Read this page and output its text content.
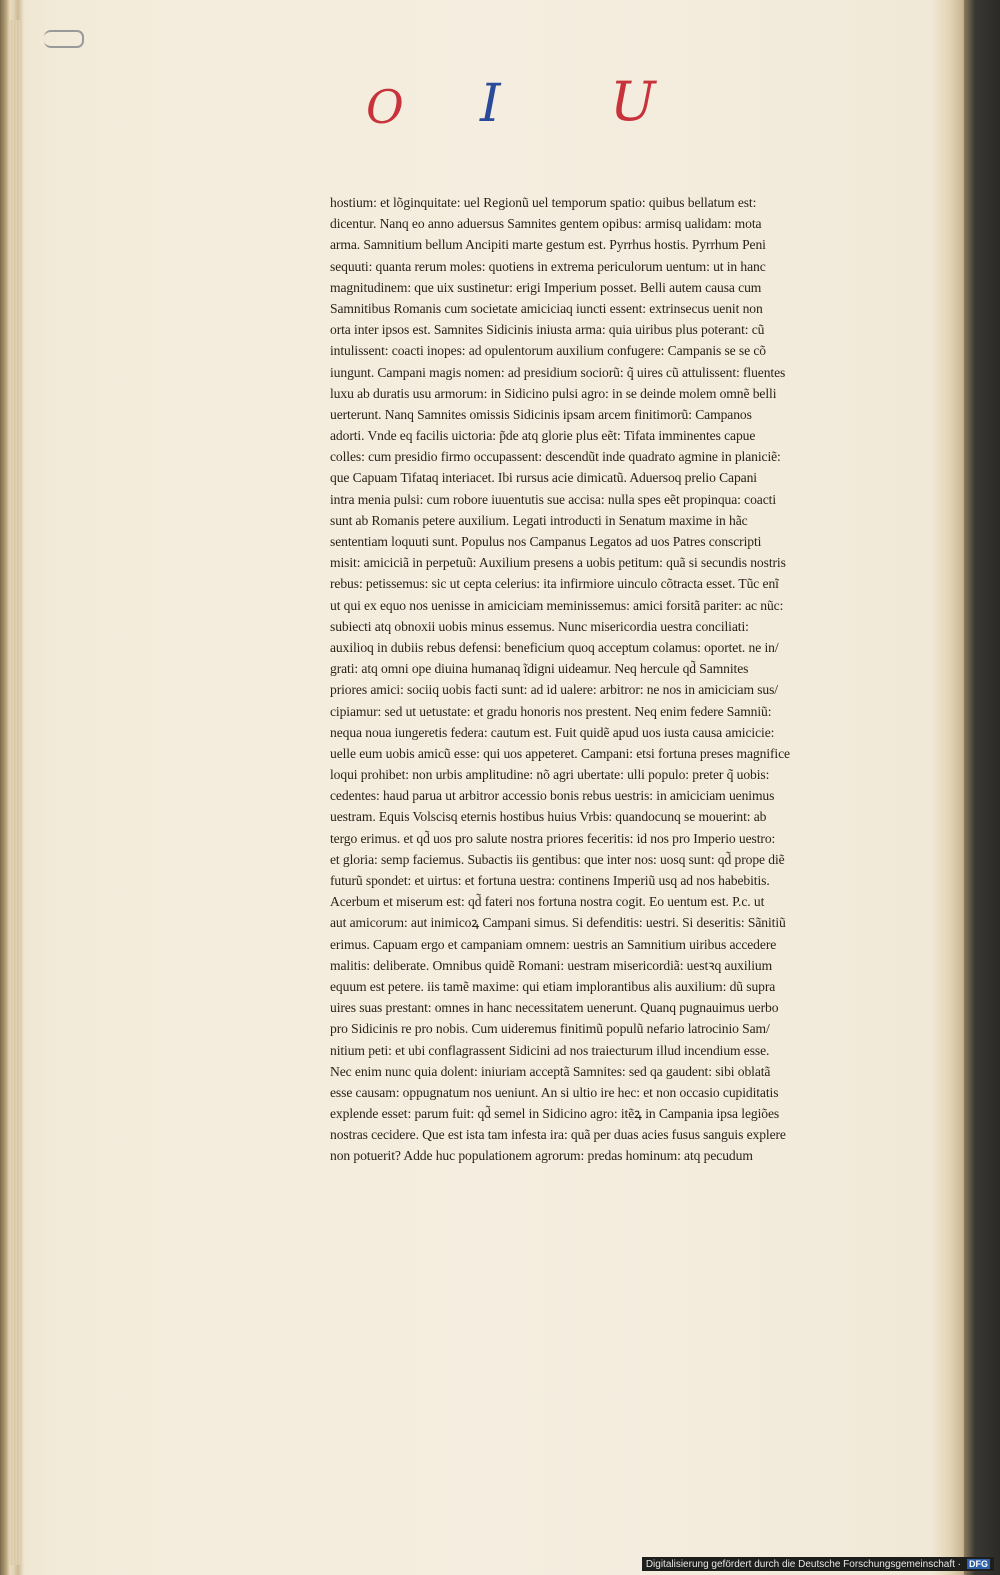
O I U
hostium: et lõginquitate: uel Regionũ uel temporum spatio: quibus bellatum est:
dicentur. Nanq eo anno aduersus Samnites gentem opibus: armisq ualidam: mota
arma. Samnitium bellum Ancipiti marte gestum est. Pyrrhus hostis. Pyrrhum Peni
sequuti: quanta rerum moles: quotiens in extrema periculorum uentum: ut in hanc
magnitudinem: que uix sustinetur: erigi Imperium posset. Belli autem causa cum
Samnitibus Romanis cum societate amiciciaq iuncti essent: extrinsecus uenit non
orta inter ipsos est. Samnites Sidicinis iniusta arma: quia uiribus plus poterant: cũ
intulissent: coacti inopes: ad opulentorum auxilium confugere: Campanis se se cõ
iungunt. Campani magis nomen: ad presidium sociorũ: q̃ uires cũ attulissent: fluentes
luxu ab duratis usu armorum: in Sidicino pulsi agro: in se deinde molem omnẽ belli
uerterunt. Nanq Samnites omissis Sidicinis ipsam arcem finitimorũ: Campanos
adorti. Vnde eq facilis uictoria: p̃de atq glorie plus eẽt: Tifata imminentes capue
colles: cum presidio firmo occupassent: descendũt inde quadrato agmine in planiciẽ:
que Capuam Tifataq interiacet. Ibi rursus acie dimicatũ. Aduersoq prelio Capani
intra menia pulsi: cum robore iuuentutis sue accisa: nulla spes eẽt propinqua: coacti
sunt ab Romanis petere auxilium. Legati introducti in Senatum maxime in hãc
sententiam loquuti sunt. Populus nos Campanus Legatos ad uos Patres conscripti
misit: amiciciã in perpetuũ: Auxilium presens a uobis petitum: quã si secundis nostris
rebus: petissemus: sic ut cepta celerius: ita infirmiore uinculo cõtracta esset. Tũc enĩ
ut qui ex equo nos uenisse in amiciciam meminissemus: amici forsitã pariter: ac nũc:
subiecti atq obnoxii uobis minus essemus. Nunc misericordia uestra conciliati:
auxilioq in dubiis rebus defensi: beneficium quoq acceptum colamus: oportet. ne in/
grati: atq omni ope diuina humanaq ĩdigni uideamur. Neq hercule qd̃ Samnites
priores amici: sociiq uobis facti sunt: ad id ualere: arbitror: ne nos in amiciciam sus/
cipiamur: sed ut uetustate: et gradu honoris nos prestent. Neq enim federe Samniũ:
nequa noua iungeretis federa: cautum est. Fuit quidẽ apud uos iusta causa amicicie:
uelle eum uobis amicũ esse: qui uos appeteret. Campani: etsi fortuna preses magnifice
loqui prohibet: non urbis amplitudine: nõ agri ubertate: ulli populo: preter q̃ uobis:
cedentes: haud parua ut arbitror accessio bonis rebus uestris: in amiciciam uenimus
uestram. Equis Volscisq eternis hostibus huius Vrbis: quandocunq se mouerint: ab
tergo erimus. et qd̃ uos pro salute nostra priores feceritis: id nos pro Imperio uestro:
et gloria: semp faciemus. Subactis iis gentibus: que inter nos: uosq sunt: qd̃ prope diẽ
futurũ spondet: et uirtus: et fortuna uestra: continens Imperiũ usq ad nos habebitis.
Acerbum et miserum est: qd̃ fateri nos fortuna nostra cogit. Eo uentum est. P.c. ut
aut amicorum: aut inimicoꝝ Campani simus. Si defenditis: uestri. Si deseritis: Sãnitiũ
erimus. Capuam ergo et campaniam omnem: uestris an Samnitium uiribus accedere
malitis: deliberate. Omnibus quidẽ Romani: uestram misericordiã: uestꝛq auxilium
equum est petere. iis tamẽ maxime: qui etiam implorantibus alis auxilium: dũ supra
uires suas prestant: omnes in hanc necessitatem uenerunt. Quanq pugnauimus uerbo
pro Sidicinis re pro nobis. Cum uideremus finitimũ populũ nefario latrocinio Sam/
nitium peti: et ubi conflagrassent Sidicini ad nos traiecturum illud incendium esse.
Nec enim nunc quia dolent: iniuriam acceptã Samnites: sed qa gaudent: sibi oblatã
esse causam: oppugnatum nos ueniunt. An si ultio ire hec: et non occasio cupiditatis
explende esset: parum fuit: qd̃ semel in Sidicino agro: itẽꝝ in Campania ipsa legiões
nostras cecidere. Que est ista tam infesta ira: quã per duas acies fusus sanguis explere
non potuerit? Adde huc populationem agrorum: predas hominum: atq pecudum
Digitalisierung gefördert durch die Deutsche Forschungsgemeinschaft · DFG
